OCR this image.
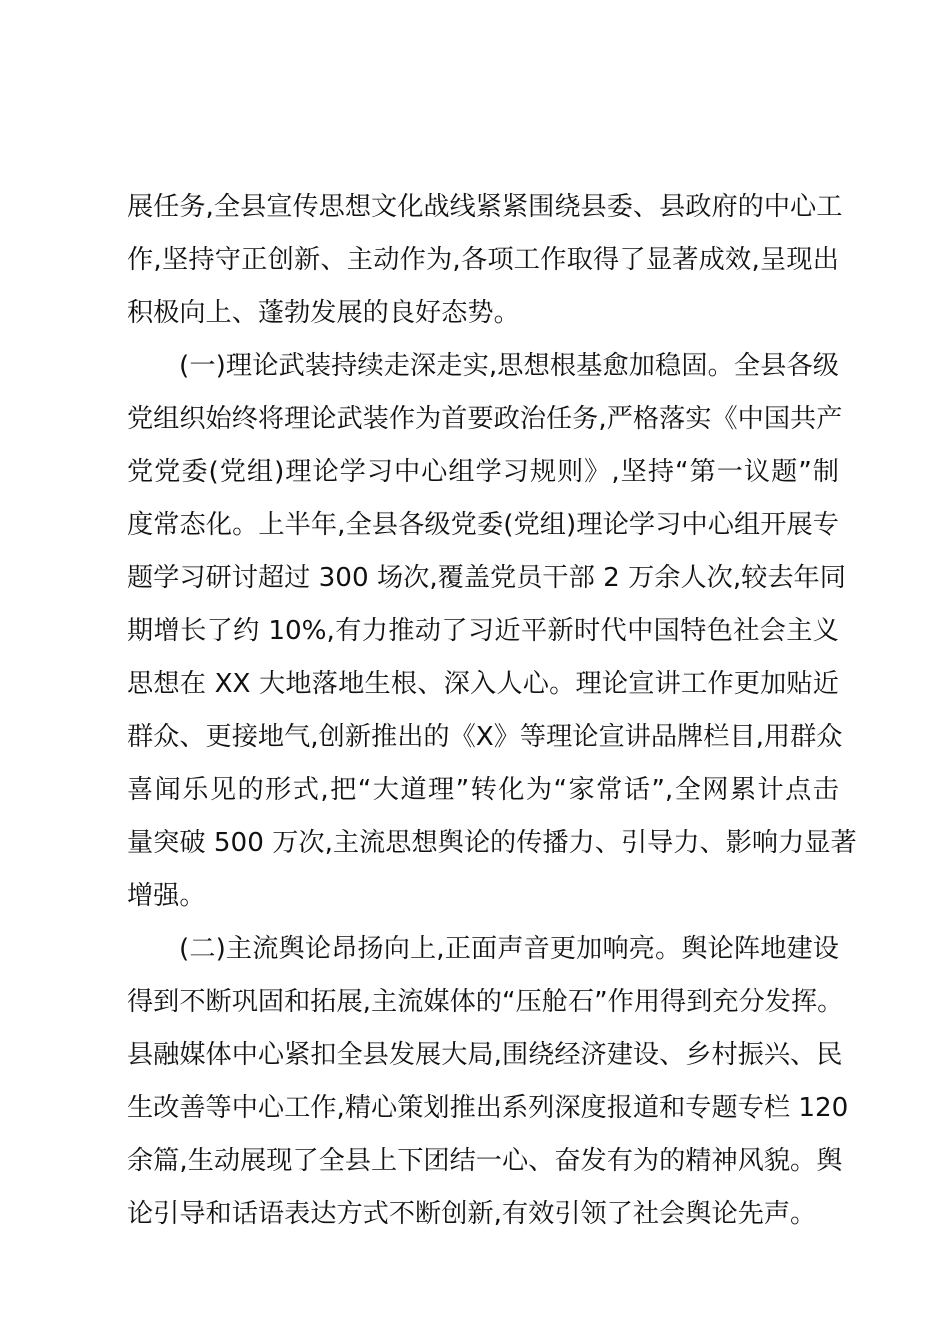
展任务,全县宣传思想文化战线紧紧围绕县委、县政府的中心工
作,坚持守正创新、主动作为,各项工作取得了显著成效,呈现出
积极向上、蓬勃发展的良好态势。
(一)理论武装持续走深走实,思想根基愈加稳固。全县各级
党组织始终将理论武装作为首要政治任务,严格落实《中国共产
党党委(党组)理论学习中心组学习规则》,坚持“第一议题”制
度常态化。上半年,全县各级党委(党组)理论学习中心组开展专
题学习研讨超过 300 场次,覆盖党员干部 2 万余人次,较去年同
期增长了约 10%,有力推动了习近平新时代中国特色社会主义
思想在 XX 大地落地生根、深入人心。理论宣讲工作更加贴近
群众、更接地气,创新推出的《X》等理论宣讲品牌栏目,用群众
喜闻乐见的形式,把“大道理”转化为“家常话”,全网累计点击
量突破 500 万次,主流思想舆论的传播力、引导力、影响力显著
增强。
(二)主流舆论昂扬向上,正面声音更加响亮。舆论阵地建设
得到不断巩固和拓展,主流媒体的“压舱石”作用得到充分发挥。
县融媒体中心紧扣全县发展大局,围绕经济建设、乡村振兴、民
生改善等中心工作,精心策划推出系列深度报道和专题专栏 120
余篇,生动展现了全县上下团结一心、奋发有为的精神风貌。舆
论引导和话语表达方式不断创新,有效引领了社会舆论先声。
